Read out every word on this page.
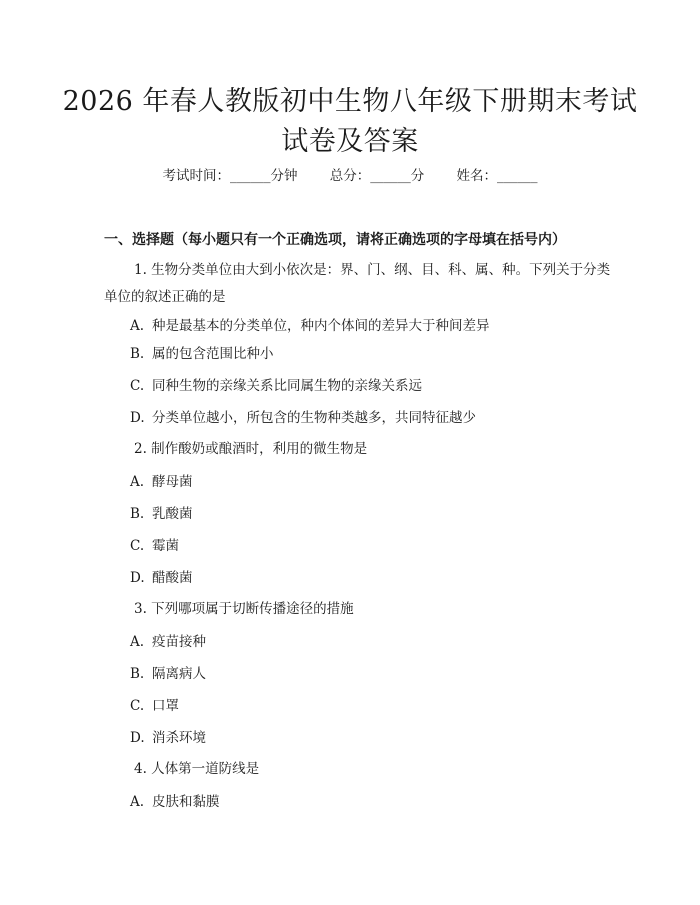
2026 年春人教版初中生物八年级下册期末考试试卷及答案
考试时间：______分钟 总分：______分 姓名：______
一、选择题（每小题只有一个正确选项，请将正确选项的字母填在括号内）
1. 生物分类单位由大到小依次是：界、门、纲、目、科、属、种。下列关于分类单位的叙述正确的是
A. 种是最基本的分类单位，种内个体间的差异大于种间差异
B. 属的包含范围比种小
C. 同种生物的亲缘关系比同属生物的亲缘关系远
D. 分类单位越小，所包含的生物种类越多，共同特征越少
2. 制作酸奶或酿酒时，利用的微生物是
A. 酵母菌
B. 乳酸菌
C. 霉菌
D. 醋酸菌
3. 下列哪项属于切断传播途径的措施
A. 疫苗接种
B. 隔离病人
C. 口罩
D. 消杀环境
4. 人体第一道防线是
A. 皮肤和黏膜
